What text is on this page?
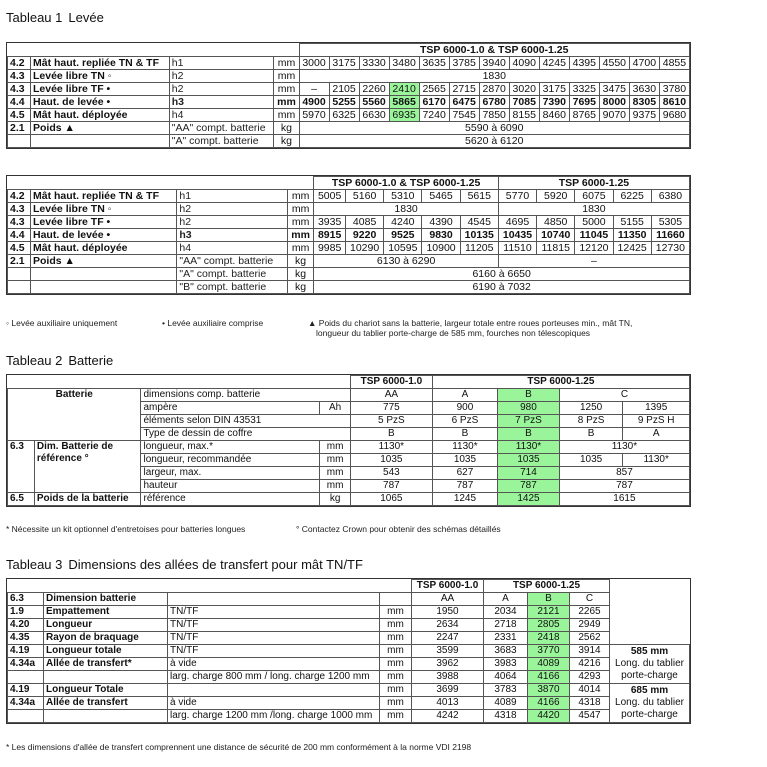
Tableau 1 Levée
				TSP 6000-1.0 & TSP 6000-1.25												
4.2	Mât haut. repliée TN & TF	h1	mm	3000	3175	3330	3480	3635	3785	3940	4090	4245	4395	4550	4700	4855
4.3	Levée libre TN ◦	h2	mm	1830												
4.3	Levée libre TF •	h2	mm	–	2105	2260	2410	2565	2715	2870	3020	3175	3325	3475	3630	3780
4.4	Haut. de levée •	h3	mm	4900	5255	5560	5865	6170	6475	6780	7085	7390	7695	8000	8305	8610
4.5	Mât haut. déployée	h4	mm	5970	6325	6630	6935	7240	7545	7850	8155	8460	8765	9070	9375	9680
2.1	Poids ▲	"AA" compt. batterie	kg	5590 à 6090												
		"A" compt. batterie	kg	5620 à 6120												
				TSP 6000-1.0 & TSP 6000-1.25					TSP 6000-1.25				
4.2	Mât haut. repliée TN & TF	h1	mm	5005	5160	5310	5465	5615	5770	5920	6075	6225	6380
4.3	Levée libre TN ◦	h2	mm	1830					1830				
4.3	Levée libre TF •	h2	mm	3935	4085	4240	4390	4545	4695	4850	5000	5155	5305
4.4	Haut. de levée •	h3	mm	8915	9220	9525	9830	10135	10435	10740	11045	11350	11660
4.5	Mât haut. déployée	h4	mm	9985	10290	10595	10900	11205	11510	11815	12120	12425	12730
2.1	Poids ▲	"AA" compt. batterie	kg	6130 à 6290					–				
		"A" compt. batterie	kg	6160 à 6650									
		"B" compt. batterie	kg	6190 à 7032									
◦ Levée auxiliaire uniquement	• Levée auxiliaire comprise	▲ Poids du chariot sans la batterie, largeur totale entre roues porteuses min., mât TN,
longueur du tablier porte-charge de 585 mm, fourches non télescopiques
Tableau 2 Batterie
				TSP 6000-1.0	TSP 6000-1.25			
Batterie		dimensions comp. batterie		AA	A	B	C	
		ampère	Ah	775	900	980	1250	1395
		éléments selon DIN 43531		5 PzS	6 PzS	7 PzS	8 PzS	9 PzS H
		Type de dessin de coffre		B	B	B	B	A
6.3	Dim. Batterie de référence °	longueur, max.*	mm	1130*	1130*	1130*	1130*	
		longueur, recommandée	mm	1035	1035	1035	1035	1130*
		largeur, max.	mm	543	627	714	857	
		hauteur	mm	787	787	787	787	
6.5	Poids de la batterie	référence	kg	1065	1245	1425	1615	
* Nécessite un kit optionnel d'entretoises pour batteries longues	° Contactez Crown pour obtenir des schémas détaillés
Tableau 3 Dimensions des allées de transfert pour mât TN/TF
				TSP 6000-1.0	TSP 6000-1.25			
6.3	Dimension batterie			AA	A	B	C	
1.9	Empattement	TN/TF	mm	1950	2034	2121	2265	
4.20	Longueur	TN/TF	mm	2634	2718	2805	2949	
4.35	Rayon de braquage	TN/TF	mm	2247	2331	2418	2562	
4.19	Longueur totale	TN/TF	mm	3599	3683	3770	3914	585 mm
Long. du tablier
porte-charge

4.34a	Allée de transfert*	à vide	mm	3962	3983	4089	4216	
		larg. charge 800 mm / long. charge 1200 mm	mm	3988	4064	4166	4293	
4.19	Longueur Totale		mm	3699	3783	3870	4014	685 mm
Long. du tablier
porte-charge

4.34a	Allée de transfert	à vide	mm	4013	4089	4166	4318	
		larg. charge 1200 mm /long. charge 1000 mm	mm	4242	4318	4420	4547	
* Les dimensions d'allée de transfert comprennent une distance de sécurité de 200 mm conformément à la norme VDI 2198
